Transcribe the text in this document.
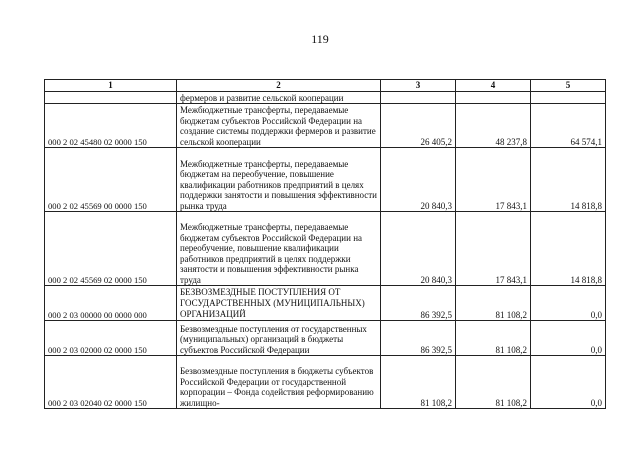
119
1	2	3	4	5
	фермеров и развитие сельской кооперации			
000 2 02 45480 02 0000 150	Межбюджетные трансферты, передаваемые бюджетам субъектов Российской Федерации на создание системы поддержки фермеров и развитие сельской кооперации	26 405,2	48 237,8	64 574,1
000 2 02 45569 00 0000 150	Межбюджетные трансферты, передаваемые бюджетам на переобучение, повышение квалификации работников предприятий в целях поддержки занятости и повышения эффективности рынка труда	20 840,3	17 843,1	14 818,8
000 2 02 45569 02 0000 150	Межбюджетные трансферты, передаваемые бюджетам субъектов Российской Федерации на переобучение, повышение квалификации работников предприятий в целях поддержки занятости и повышения эффективности рынка труда	20 840,3	17 843,1	14 818,8
000 2 03 00000 00 0000 000	БЕЗВОЗМЕЗДНЫЕ ПОСТУПЛЕНИЯ ОТ ГОСУДАРСТВЕННЫХ (МУНИЦИПАЛЬНЫХ) ОРГАНИЗАЦИЙ	86 392,5	81 108,2	0,0
000 2 03 02000 02 0000 150	Безвозмездные поступления от государственных (муниципальных) организаций в бюджеты субъектов Российской Федерации	86 392,5	81 108,2	0,0
000 2 03 02040 02 0000 150	Безвозмездные поступления в бюджеты субъектов Российской Федерации от государственной корпорации – Фонда содействия реформированию жилищно-	81 108,2	81 108,2	0,0
